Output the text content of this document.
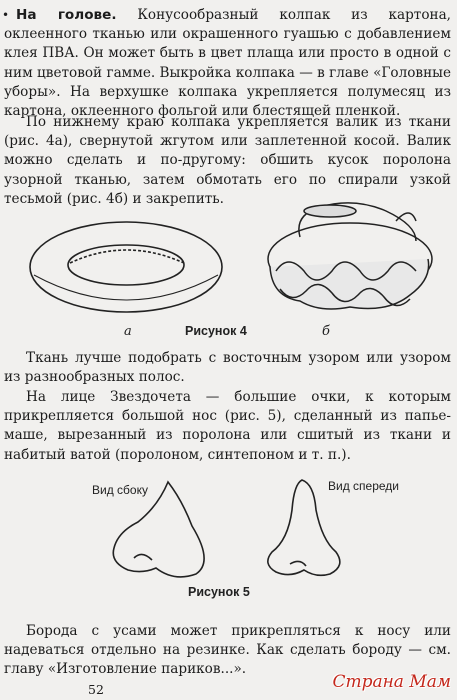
• На голове. Конусообразный колпак из картона, оклеенного тканью или окрашенного гуашью с добавлением клея ПВА. Он может быть в цвет плаща или просто в одной с ним цветовой гамме. Выкройка колпака — в главе «Головные уборы». На верхушке колпака укрепляется полумесяц из картона, оклеенного фольгой или блестящей пленкой.

По нижнему краю колпака укрепляется валик из ткани (рис. 4а), свернутой жгутом или заплетенной косой. Валик можно сделать и по-другому: обшить кусок поролона узорной тканью, затем обмотать его по спирали узкой тесьмой (рис. 4б) и закрепить.

а	б
Рисунок 4

Ткань лучше подобрать с восточным узором или узором из разнообразных полос.

На лице Звездочета — большие очки, к которым прикрепляется большой нос (рис. 5), сделанный из папье-маше, вырезанный из поролона или сшитый из ткани и набитый ватой (поролоном, синтепоном и т. п.).

Вид сбоку	Вид спереди
Рисунок 5

Борода с усами может прикрепляться к носу или надеваться отдельно на резинке. Как сделать бороду — см. главу «Изготовление париков...».

52	Страна Мам
